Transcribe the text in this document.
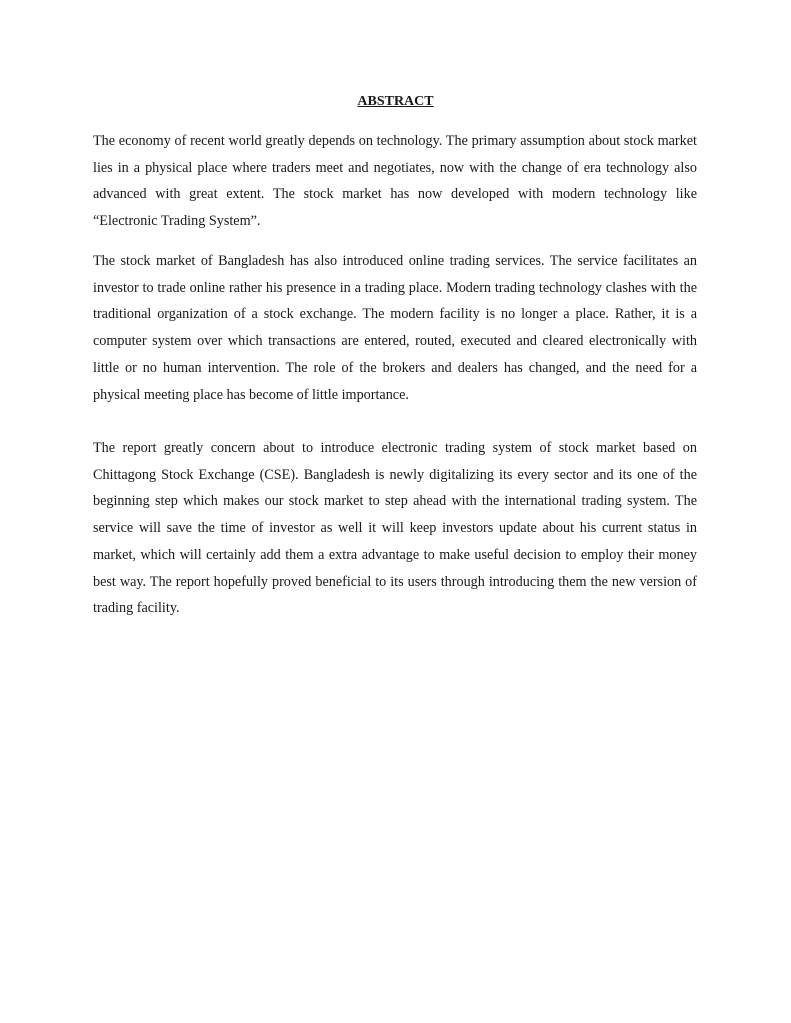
ABSTRACT

The economy of recent world greatly depends on technology. The primary assumption about stock market lies in a physical place where traders meet and negotiates, now with the change of era technology also advanced with great extent. The stock market has now developed with modern technology like “Electronic Trading System”.

The stock market of Bangladesh has also introduced online trading services. The service facilitates an investor to trade online rather his presence in a trading place. Modern trading technology clashes with the traditional organization of a stock exchange. The modern facility is no longer a place. Rather, it is a computer system over which transactions are entered, routed, executed and cleared electronically with little or no human intervention. The role of the brokers and dealers has changed, and the need for a physical meeting place has become of little importance.

The report greatly concern about to introduce electronic trading system of stock market based on Chittagong Stock Exchange (CSE). Bangladesh is newly digitalizing its every sector and its one of the beginning step which makes our stock market to step ahead with the international trading system. The service will save the time of investor as well it will keep investors update about his current status in market, which will certainly add them a extra advantage to make useful decision to employ their money best way. The report hopefully proved beneficial to its users through introducing them the new version of trading facility.
